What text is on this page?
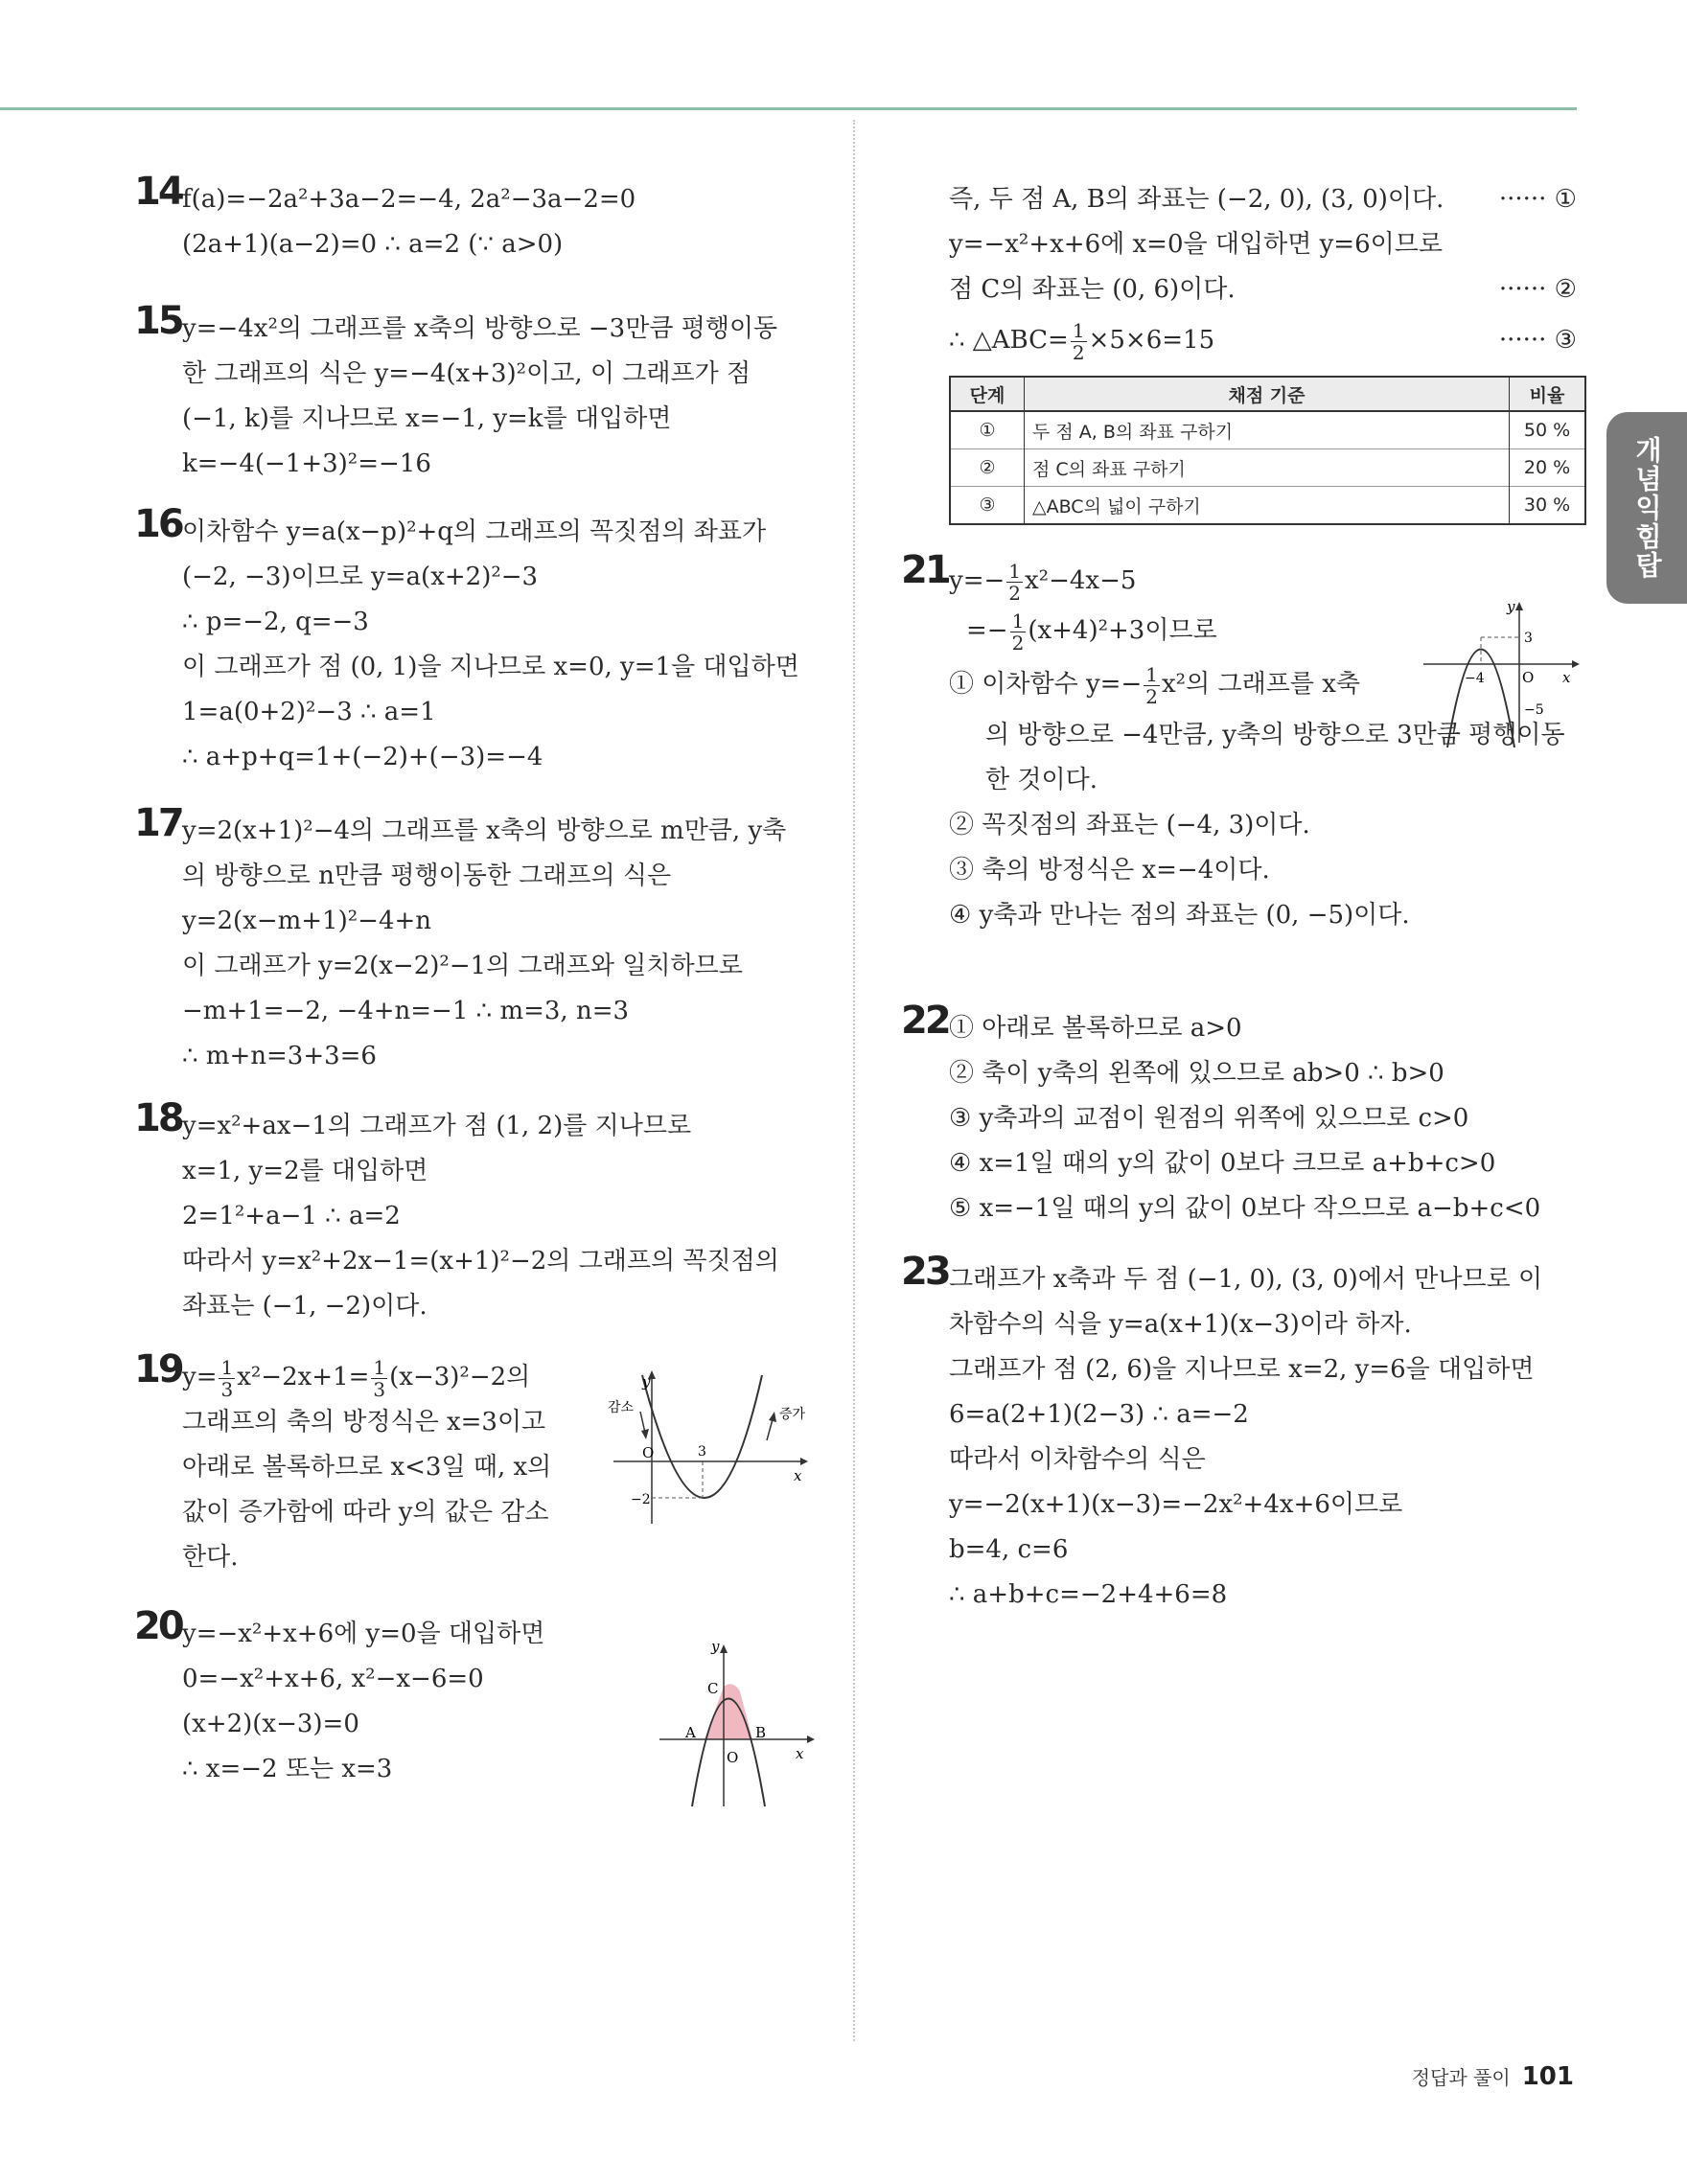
개념익힘탑
14 f(a)=−2a²+3a−2=−4, 2a²−3a−2=0
(2a+1)(a−2)=0 ∴ a=2 (∵ a>0)
15 y=−4x²의 그래프를 x축의 방향으로 −3만큼 평행이동
한 그래프의 식은 y=−4(x+3)²이고, 이 그래프가 점
(−1, k)를 지나므로 x=−1, y=k를 대입하면
k=−4(−1+3)²=−16
16 이차함수 y=a(x−p)²+q의 그래프의 꼭짓점의 좌표가
(−2, −3)이므로 y=a(x+2)²−3
∴ p=−2, q=−3
이 그래프가 점 (0, 1)을 지나므로 x=0, y=1을 대입하면
1=a(0+2)²−3 ∴ a=1
∴ a+p+q=1+(−2)+(−3)=−4
17 y=2(x+1)²−4의 그래프를 x축의 방향으로 m만큼, y축
의 방향으로 n만큼 평행이동한 그래프의 식은
y=2(x−m+1)²−4+n
이 그래프가 y=2(x−2)²−1의 그래프와 일치하므로
−m+1=−2, −4+n=−1 ∴ m=3, n=3
∴ m+n=3+3=6
18 y=x²+ax−1의 그래프가 점 (1, 2)를 지나므로
x=1, y=2를 대입하면
2=1²+a−1 ∴ a=2
따라서 y=x²+2x−1=(x+1)²−2의 그래프의 꼭짓점의
좌표는 (−1, −2)이다.
19 $y= \frac{1}{3} x^2-2x+1= \frac{1}{3} (x-3)^2-2$의
그래프의 축의 방정식은 x=3이고
아래로 볼록하므로 x<3일 때, x의
값이 증가함에 따라 y의 값은 감소
한다.
20 y=−x²+x+6에 y=0을 대입하면
0=−x²+x+6, x²−x−6=0
(x+2)(x−3)=0
∴ x=−2 또는 x=3
y
x
O	3
−2
감소	증가
y
x
O
A	B
C
즉, 두 점 A, B의 좌표는 (−2, 0), (3, 0)이다. ······ ①
y=−x²+x+6에 x=0을 대입하면 y=6이므로
점 C의 좌표는 (0, 6)이다.	······ ②
∴ △ABC= $\frac{1}{2} \times 5\times 6=15$	······ ③
단계	채점 기준	비율
①	두 점 A, B의 좌표 구하기	50 %
②	점 C의 좌표 구하기	20 %
③	△ABC의 넓이 구하기	30 %
21 $y=- \frac{1}{2} x^2-4x-5$
=− $\frac{1}{2} (x+4)^2+3$이므로
① 이차함수 $y=- \frac{1}{2} x^2$의 그래프를 x축
의 방향으로 −4만큼, y축의 방향으로 3만큼 평행이동
한 것이다.
② 꼭짓점의 좌표는 (−4, 3)이다.
③ 축의 방정식은 x=−4이다.
④ y축과 만나는 점의 좌표는 (0, −5)이다.
22 ① 아래로 볼록하므로 a>0
② 축이 y축의 왼쪽에 있으므로 ab>0 ∴ b>0
③ y축과의 교점이 원점의 위쪽에 있으므로 c>0
④ x=1일 때의 y의 값이 0보다 크므로 a+b+c>0
⑤ x=−1일 때의 y의 값이 0보다 작으므로 a−b+c<0
23 그래프가 x축과 두 점 (−1, 0), (3, 0)에서 만나므로 이
차함수의 식을 y=a(x+1)(x−3)이라 하자.
그래프가 점 (2, 6)을 지나므로 x=2, y=6을 대입하면
6=a(2+1)(2−3) ∴ a=−2
따라서 이차함수의 식은
y=−2(x+1)(x−3)=−2x²+4x+6이므로
b=4, c=6
∴ a+b+c=−2+4+6=8
y
x
O
3
−4
−5
정답과 풀이 101
